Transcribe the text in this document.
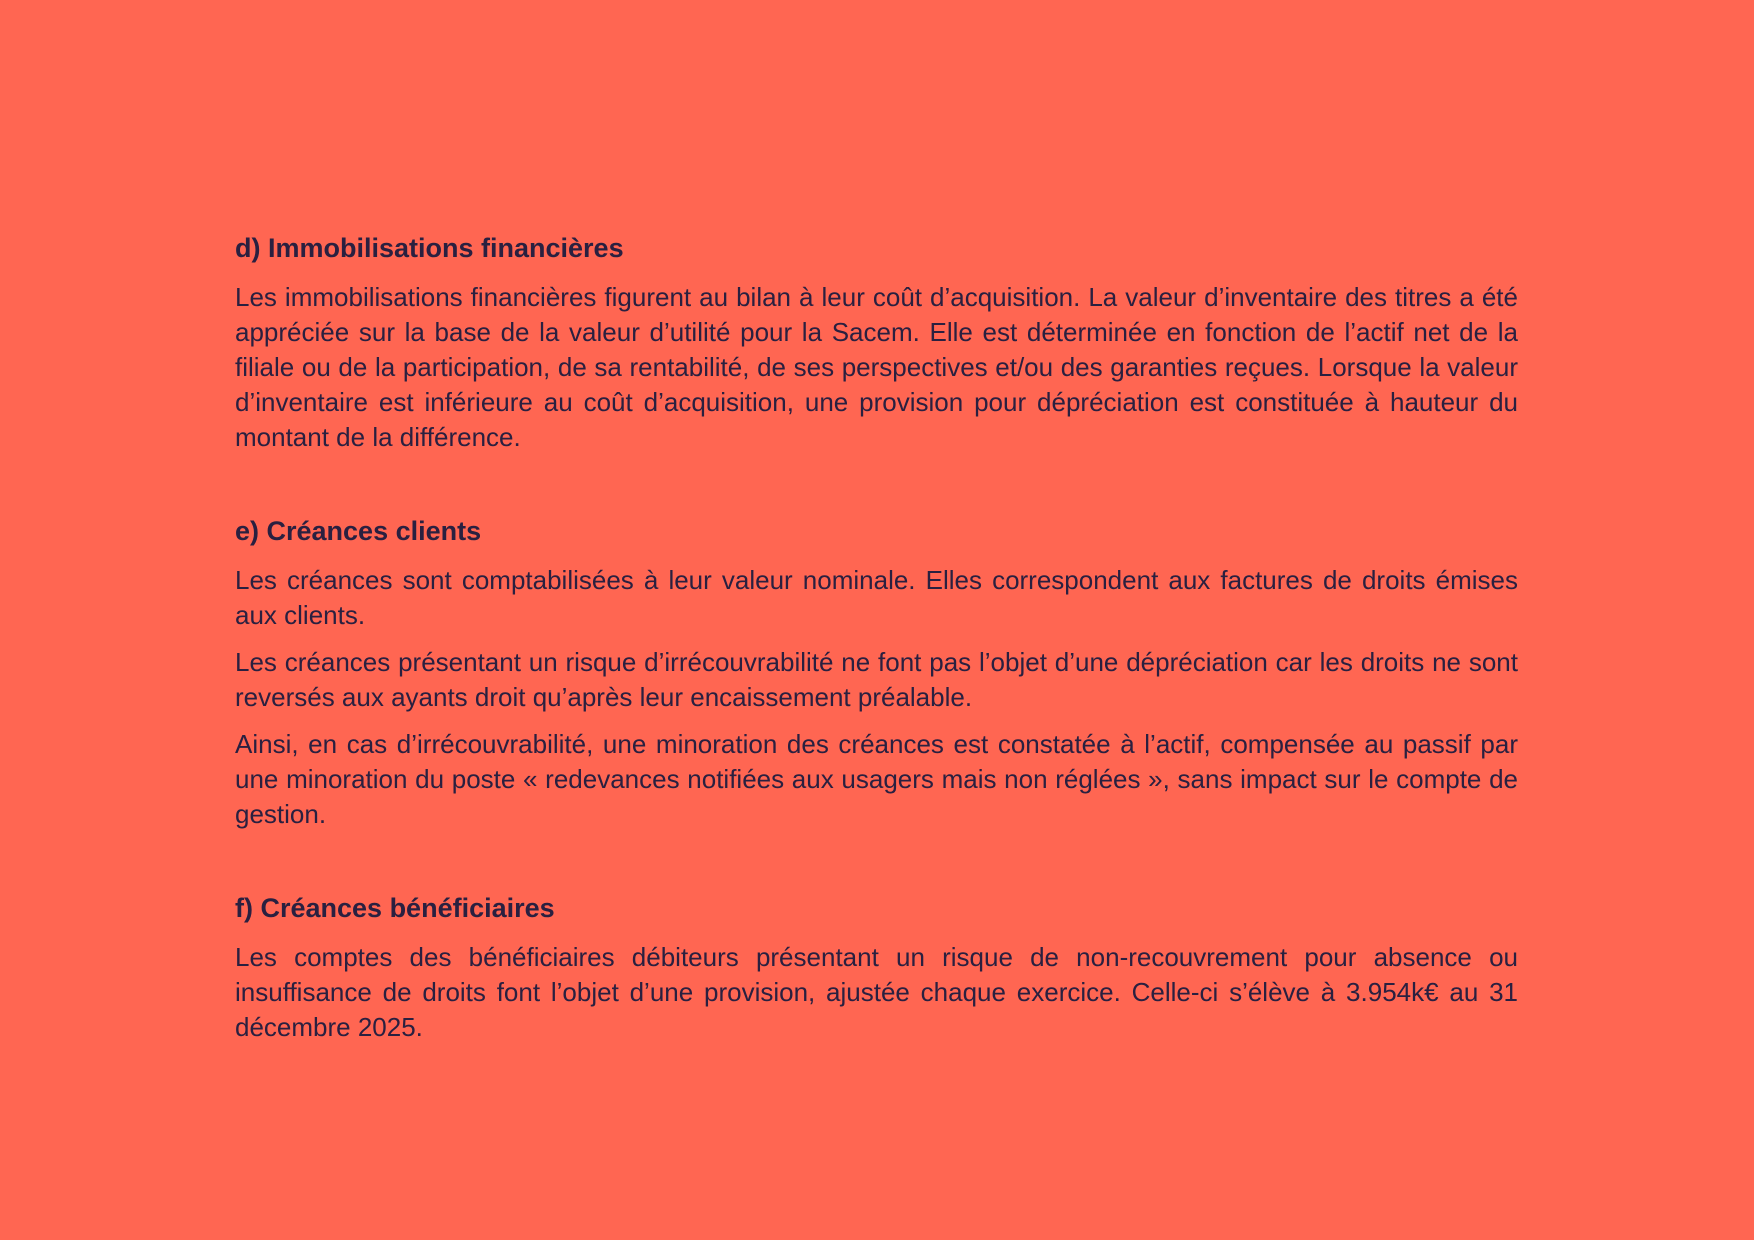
d) Immobilisations financières

Les immobilisations financières figurent au bilan à leur coût d’acquisition. La valeur d’inventaire des titres a été appréciée sur la base de la valeur d’utilité pour la Sacem. Elle est déterminée en fonction de l’actif net de la filiale ou de la participation, de sa rentabilité, de ses perspectives et/ou des garanties reçues. Lorsque la valeur d’inventaire est inférieure au coût d’acquisition, une provision pour dépréciation est constituée à hauteur du montant de la différence.

e) Créances clients

Les créances sont comptabilisées à leur valeur nominale. Elles correspondent aux factures de droits émises aux clients.

Les créances présentant un risque d’irrécouvrabilité ne font pas l’objet d’une dépréciation car les droits ne sont reversés aux ayants droit qu’après leur encaissement préalable.

Ainsi, en cas d’irrécouvrabilité, une minoration des créances est constatée à l’actif, compensée au passif par une minoration du poste « redevances notifiées aux usagers mais non réglées », sans impact sur le compte de gestion.

f) Créances bénéficiaires

Les comptes des bénéficiaires débiteurs présentant un risque de non-recouvrement pour absence ou insuffisance de droits font l’objet d’une provision, ajustée chaque exercice. Celle-ci s’élève à 3.954k€ au 31 décembre 2025.
